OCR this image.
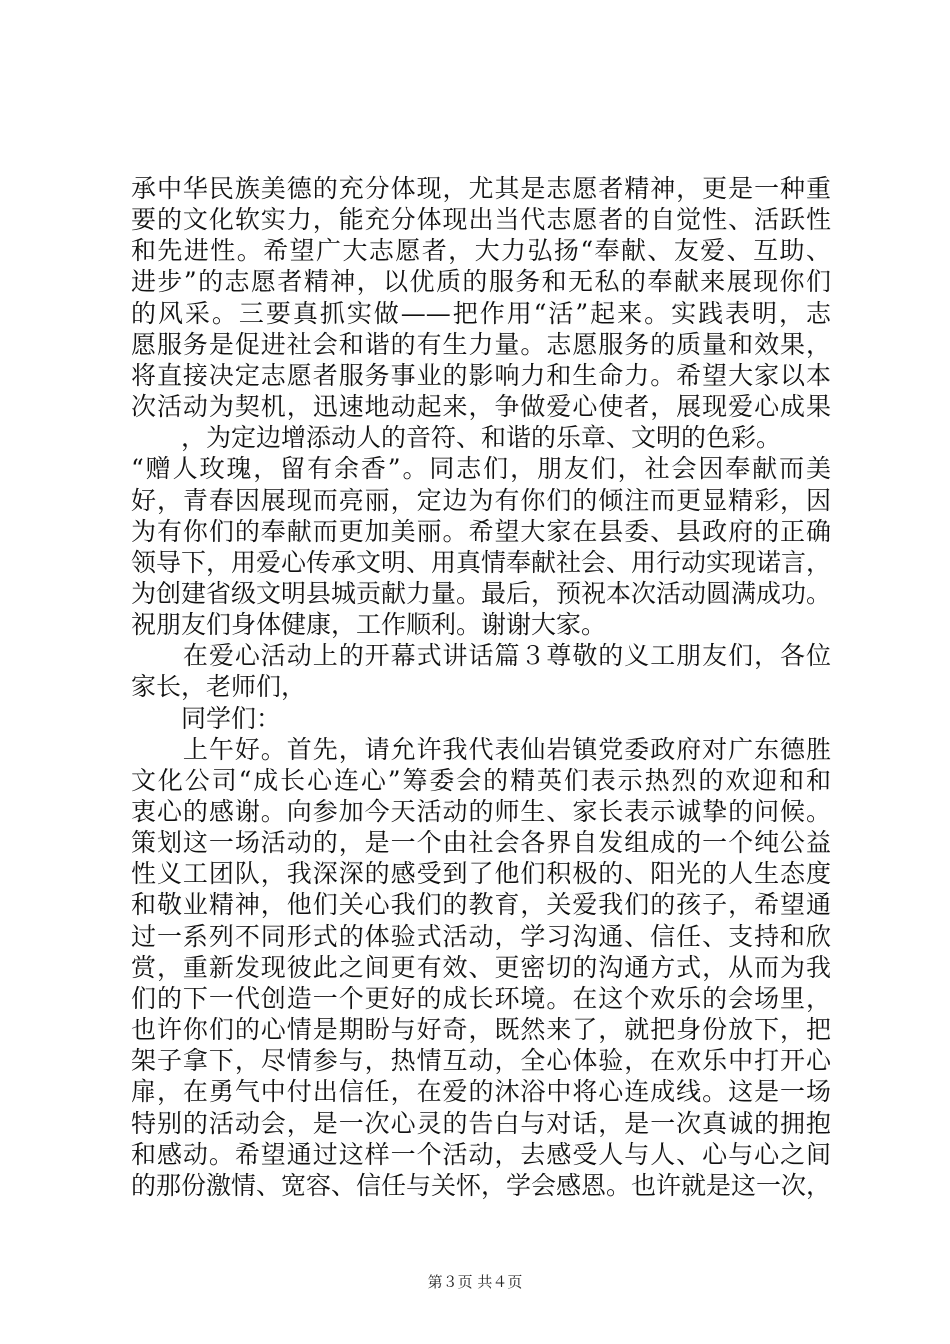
承中华民族美德的充分体现，尤其是志愿者精神，更是一种重
要的文化软实力，能充分体现出当代志愿者的自觉性、活跃性
和先进性。希望广大志愿者，大力弘扬“奉献、友爱、互助、
进步”的志愿者精神，以优质的服务和无私的奉献来展现你们
的风采。三要真抓实做——把作用“活”起来。实践表明，志
愿服务是促进社会和谐的有生力量。志愿服务的质量和效果，
将直接决定志愿者服务事业的影响力和生命力。希望大家以本
次活动为契机，迅速地动起来，争做爱心使者，展现爱心成果
　　，为定边增添动人的音符、和谐的乐章、文明的色彩。
“赠人玫瑰，留有余香”。同志们，朋友们，社会因奉献而美
好，青春因展现而亮丽，定边为有你们的倾注而更显精彩，因
为有你们的奉献而更加美丽。希望大家在县委、县政府的正确
领导下，用爱心传承文明、用真情奉献社会、用行动实现诺言，
为创建省级文明县城贡献力量。最后，预祝本次活动圆满成功。
祝朋友们身体健康，工作顺利。谢谢大家。
　　在爱心活动上的开幕式讲话篇３尊敬的义工朋友们，各位
家长，老师们，
　　同学们：
　　上午好。首先，请允许我代表仙岩镇党委政府对广东德胜
文化公司“成长心连心”筹委会的精英们表示热烈的欢迎和和
衷心的感谢。向参加今天活动的师生、家长表示诚挚的问候。
策划这一场活动的，是一个由社会各界自发组成的一个纯公益
性义工团队，我深深的感受到了他们积极的、阳光的人生态度
和敬业精神，他们关心我们的教育，关爱我们的孩子，希望通
过一系列不同形式的体验式活动，学习沟通、信任、支持和欣
赏，重新发现彼此之间更有效、更密切的沟通方式，从而为我
们的下一代创造一个更好的成长环境。在这个欢乐的会场里，
也许你们的心情是期盼与好奇，既然来了，就把身份放下，把
架子拿下，尽情参与，热情互动，全心体验，在欢乐中打开心
扉，在勇气中付出信任，在爱的沐浴中将心连成线。这是一场
特别的活动会，是一次心灵的告白与对话，是一次真诚的拥抱
和感动。希望通过这样一个活动，去感受人与人、心与心之间
的那份激情、宽容、信任与关怀，学会感恩。也许就是这一次，
第３页 共４页
